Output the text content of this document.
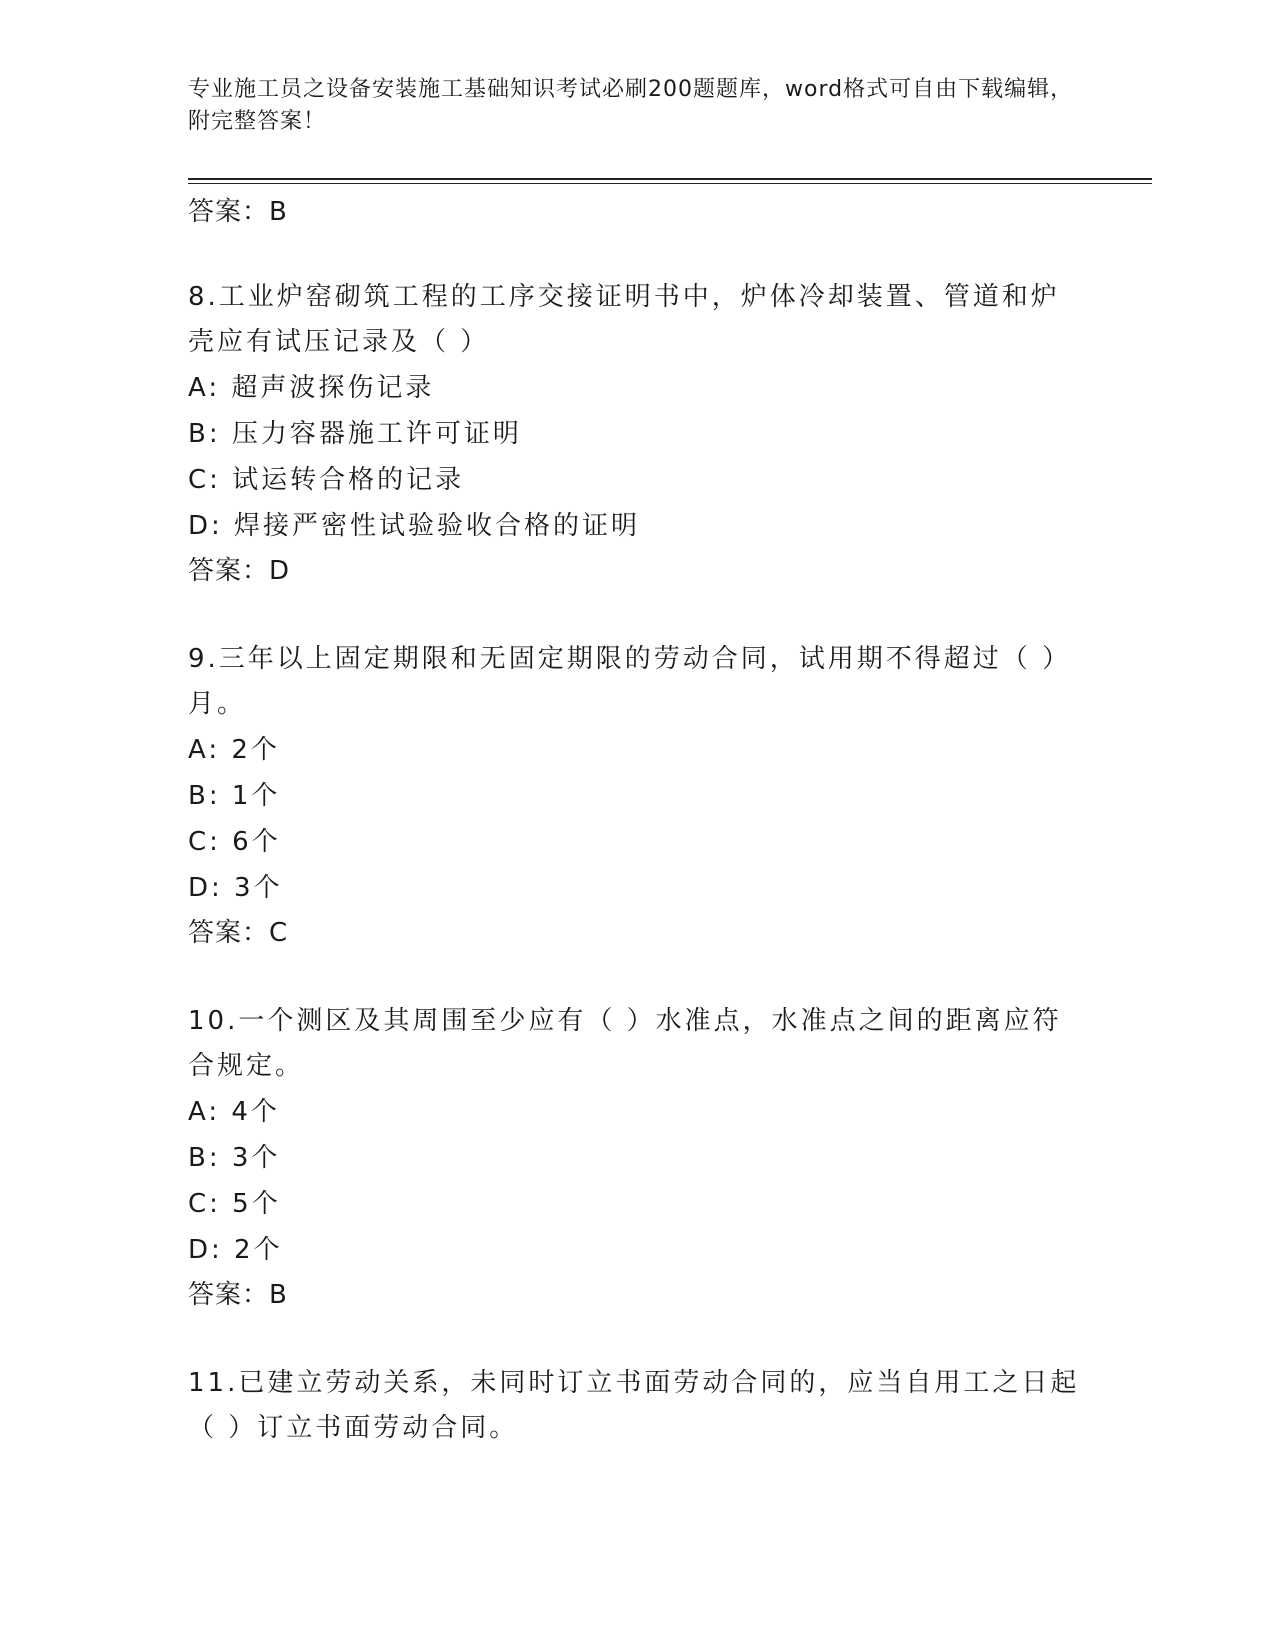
专业施工员之设备安装施工基础知识考试必刷200题题库，word格式可自由下载编辑，附完整答案！
答案：B
8.工业炉窑砌筑工程的工序交接证明书中，炉体冷却装置、管道和炉壳应有试压记录及（ ）
A: 超声波探伤记录
B: 压力容器施工许可证明
C: 试运转合格的记录
D: 焊接严密性试验验收合格的证明
答案：D
9.三年以上固定期限和无固定期限的劳动合同，试用期不得超过（ ）月。
A: 2个
B: 1个
C: 6个
D: 3个
答案：C
10.一个测区及其周围至少应有（ ）水准点，水准点之间的距离应符合规定。
A: 4个
B: 3个
C: 5个
D: 2个
答案：B
11.已建立劳动关系，未同时订立书面劳动合同的，应当自用工之日起（ ）订立书面劳动合同。
